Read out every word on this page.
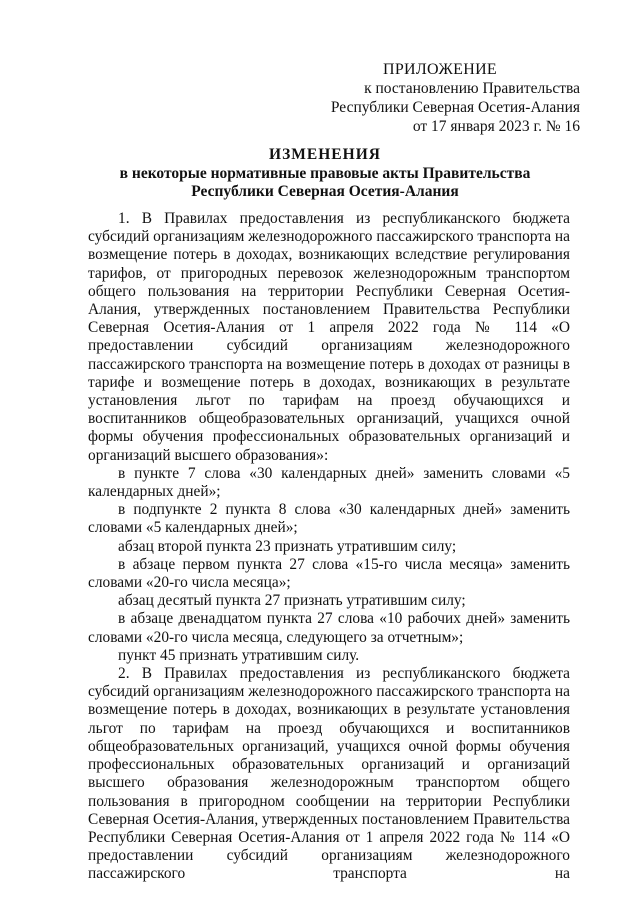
ПРИЛОЖЕНИЕ
к постановлению Правительства
Республики Северная Осетия-Алания
от 17 января 2023 г. № 16
ИЗМЕНЕНИЯ
в некоторые нормативные правовые акты Правительства
Республики Северная Осетия-Алания

1. В Правилах предоставления из республиканского бюджета субсидий организациям железнодорожного пассажирского транспорта на возмещение потерь в доходах, возникающих вследствие регулирования тарифов, от пригородных перевозок железнодорожным транспортом общего пользования на территории Республики Северная Осетия-Алания, утвержденных постановлением Правительства Республики Северная Осетия-Алания от 1 апреля 2022 года № 114 «О предоставлении субсидий организациям железнодорожного пассажирского транспорта на возмещение потерь в доходах от разницы в тарифе и возмещение потерь в доходах, возникающих в результате установления льгот по тарифам на проезд обучающихся и воспитанников общеобразовательных организаций, учащихся очной формы обучения профессиональных образовательных организаций и организаций высшего образования»:

в пункте 7 слова «30 календарных дней» заменить словами «5 календарных дней»;

в подпункте 2 пункта 8 слова «30 календарных дней» заменить словами «5 календарных дней»;

абзац второй пункта 23 признать утратившим силу;

в абзаце первом пункта 27 слова «15-го числа месяца» заменить словами «20-го числа месяца»;

абзац десятый пункта 27 признать утратившим силу;

в абзаце двенадцатом пункта 27 слова «10 рабочих дней» заменить словами «20-го числа месяца, следующего за отчетным»;

пункт 45 признать утратившим силу.

2. В Правилах предоставления из республиканского бюджета субсидий организациям железнодорожного пассажирского транспорта на возмещение потерь в доходах, возникающих в результате установления льгот по тарифам на проезд обучающихся и воспитанников общеобразовательных организаций, учащихся очной формы обучения профессиональных образовательных организаций и организаций высшего образования железнодорожным транспортом общего пользования в пригородном сообщении на территории Республики Северная Осетия-Алания, утвержденных постановлением Правительства Республики Северная Осетия-Алания от 1 апреля 2022 года № 114 «О предоставлении субсидий организациям железнодорожного пассажирского транспорта на
